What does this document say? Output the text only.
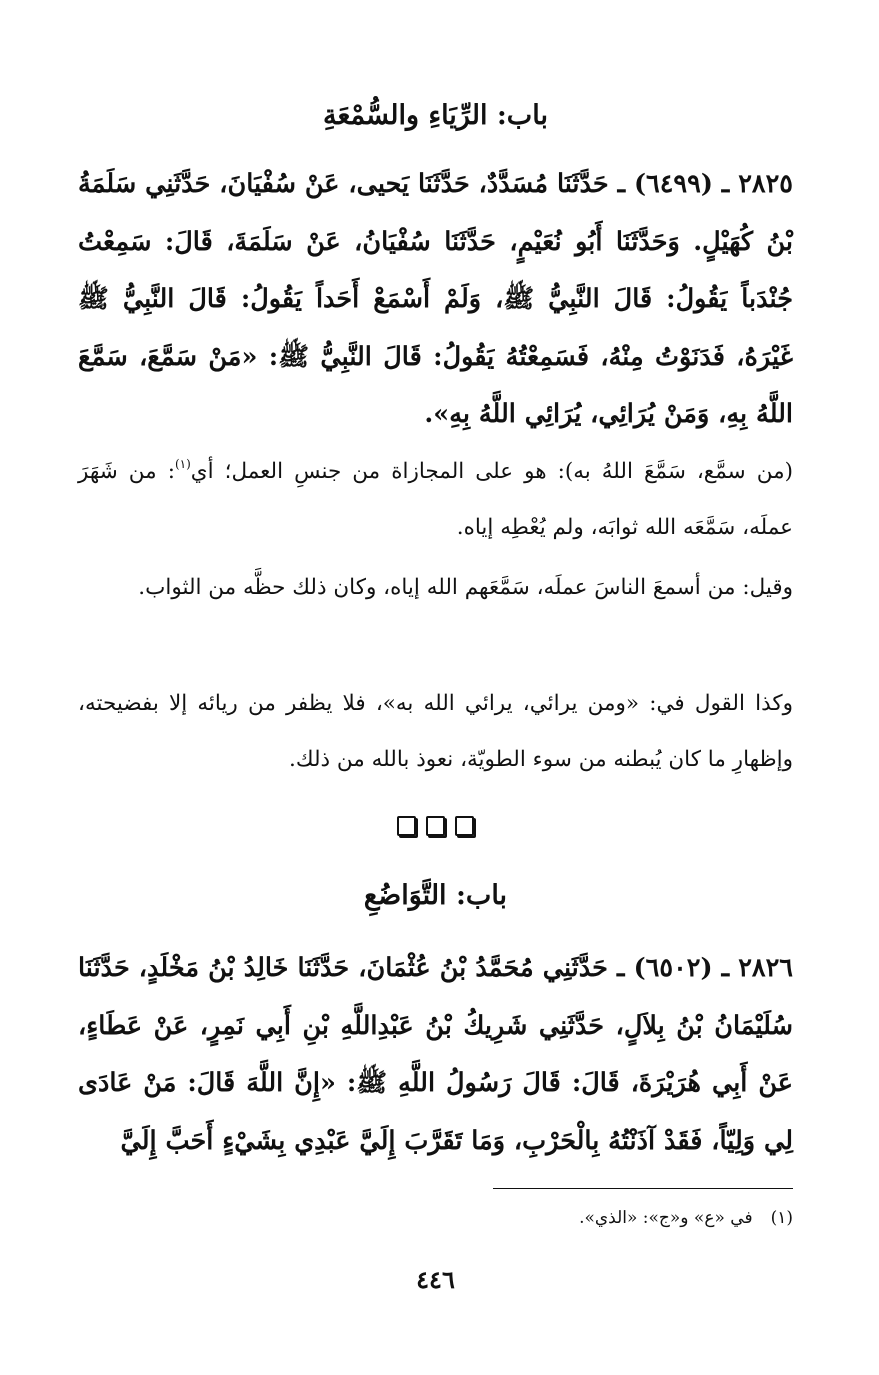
باب: الرِّيَاءِ والسُّمْعَةِ

٢٨٢٥ ـ (٦٤٩٩) ـ حَدَّثَنَا مُسَدَّدٌ، حَدَّثَنَا يَحيى، عَنْ سُفْيَانَ، حَدَّثَنِي سَلَمَةُ بْنُ كُهَيْلٍ. وَحَدَّثَنَا أَبُو نُعَيْمٍ، حَدَّثَنَا سُفْيَانُ، عَنْ سَلَمَةَ، قَالَ: سَمِعْتُ جُنْدَباً يَقُولُ: قَالَ النَّبِيُّ ﷺ، وَلَمْ أَسْمَعْ أَحَداً يَقُولُ: قَالَ النَّبِيُّ ﷺ غَيْرَهُ، فَدَنَوْتُ مِنْهُ، فَسَمِعْتُهُ يَقُولُ: قَالَ النَّبِيُّ ﷺ: «مَنْ سَمَّعَ، سَمَّعَ اللَّهُ بِهِ، وَمَنْ يُرَائِي، يُرَائِي اللَّهُ بِهِ».

(من سمَّع، سَمَّعَ اللهُ به): هو على المجازاة من جنسِ العمل؛ أي$^{(١)}$: من شَهَرَ عملَه، سَمَّعَه الله ثوابَه، ولم يُعْطِه إياه.

وقيل: من أسمعَ الناسَ عملَه، سَمَّعَهم الله إياه، وكان ذلك حظَّه من الثواب.

وكذا القول في: «ومن يرائي، يرائي الله به»، فلا يظفر من ريائه إلا بفضيحته، وإظهارِ ما كان يُبطنه من سوء الطويّة، نعوذ بالله من ذلك.

باب: التَّوَاضُعِ

٢٨٢٦ ـ (٦٥٠٢) ـ حَدَّثَنِي مُحَمَّدُ بْنُ عُثْمَانَ، حَدَّثَنَا خَالِدُ بْنُ مَخْلَدٍ، حَدَّثَنَا سُلَيْمَانُ بْنُ بِلاَلٍ، حَدَّثَنِي شَرِيكُ بْنُ عَبْدِاللَّهِ بْنِ أَبِي نَمِرٍ، عَنْ عَطَاءٍ، عَنْ أَبِي هُرَيْرَةَ، قَالَ: قَالَ رَسُولُ اللَّهِ ﷺ: «إِنَّ اللَّهَ قَالَ: مَنْ عَادَى لِي وَلِيّاً، فَقَدْ آذَنْتُهُ بِالْحَرْبِ، وَمَا تَقَرَّبَ إِلَيَّ عَبْدِي بِشَيْءٍ أَحَبَّ إِلَيَّ

(١)في «ع» و«ج»: «الذي».

٤٤٦
